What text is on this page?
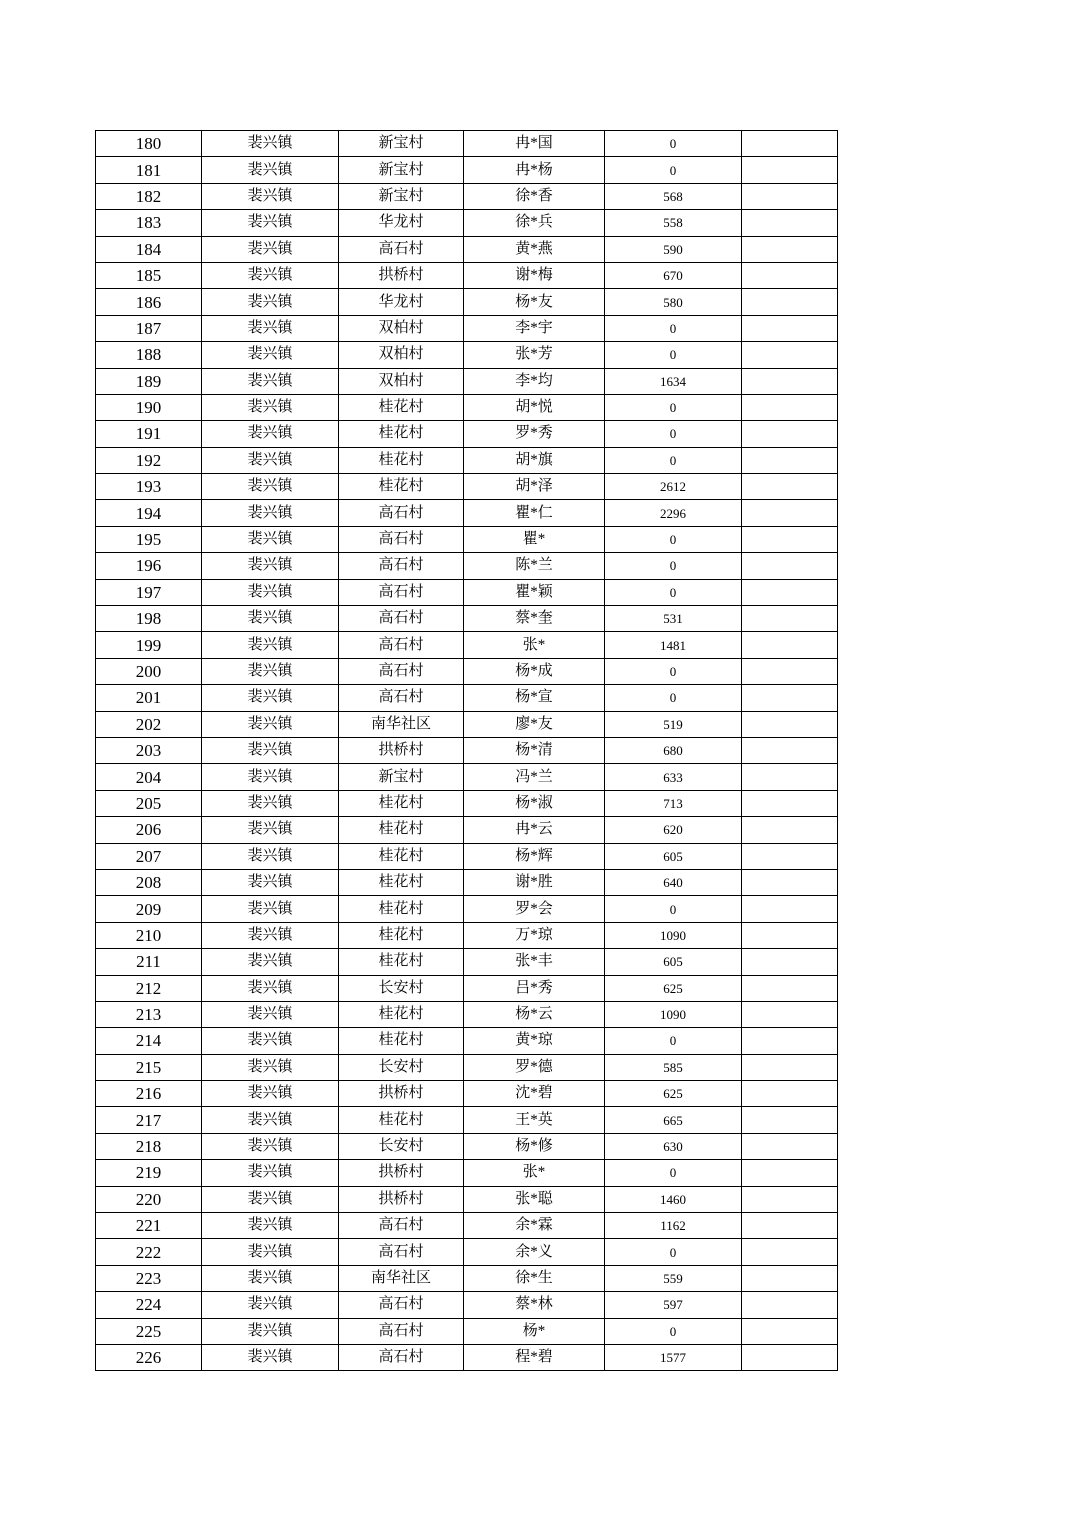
180	裴兴镇	新宝村	冉*国	0	
181	裴兴镇	新宝村	冉*杨	0	
182	裴兴镇	新宝村	徐*香	568	
183	裴兴镇	华龙村	徐*兵	558	
184	裴兴镇	高石村	黄*燕	590	
185	裴兴镇	拱桥村	谢*梅	670	
186	裴兴镇	华龙村	杨*友	580	
187	裴兴镇	双柏村	李*宇	0	
188	裴兴镇	双柏村	张*芳	0	
189	裴兴镇	双柏村	李*均	1634	
190	裴兴镇	桂花村	胡*悦	0	
191	裴兴镇	桂花村	罗*秀	0	
192	裴兴镇	桂花村	胡*旗	0	
193	裴兴镇	桂花村	胡*泽	2612	
194	裴兴镇	高石村	瞿*仁	2296	
195	裴兴镇	高石村	瞿*	0	
196	裴兴镇	高石村	陈*兰	0	
197	裴兴镇	高石村	瞿*颖	0	
198	裴兴镇	高石村	蔡*奎	531	
199	裴兴镇	高石村	张*	1481	
200	裴兴镇	高石村	杨*成	0	
201	裴兴镇	高石村	杨*宣	0	
202	裴兴镇	南华社区	廖*友	519	
203	裴兴镇	拱桥村	杨*清	680	
204	裴兴镇	新宝村	冯*兰	633	
205	裴兴镇	桂花村	杨*淑	713	
206	裴兴镇	桂花村	冉*云	620	
207	裴兴镇	桂花村	杨*辉	605	
208	裴兴镇	桂花村	谢*胜	640	
209	裴兴镇	桂花村	罗*会	0	
210	裴兴镇	桂花村	万*琼	1090	
211	裴兴镇	桂花村	张*丰	605	
212	裴兴镇	长安村	吕*秀	625	
213	裴兴镇	桂花村	杨*云	1090	
214	裴兴镇	桂花村	黄*琼	0	
215	裴兴镇	长安村	罗*德	585	
216	裴兴镇	拱桥村	沈*碧	625	
217	裴兴镇	桂花村	王*英	665	
218	裴兴镇	长安村	杨*修	630	
219	裴兴镇	拱桥村	张*	0	
220	裴兴镇	拱桥村	张*聪	1460	
221	裴兴镇	高石村	余*霖	1162	
222	裴兴镇	高石村	余*义	0	
223	裴兴镇	南华社区	徐*生	559	
224	裴兴镇	高石村	蔡*林	597	
225	裴兴镇	高石村	杨*	0	
226	裴兴镇	高石村	程*碧	1577	
